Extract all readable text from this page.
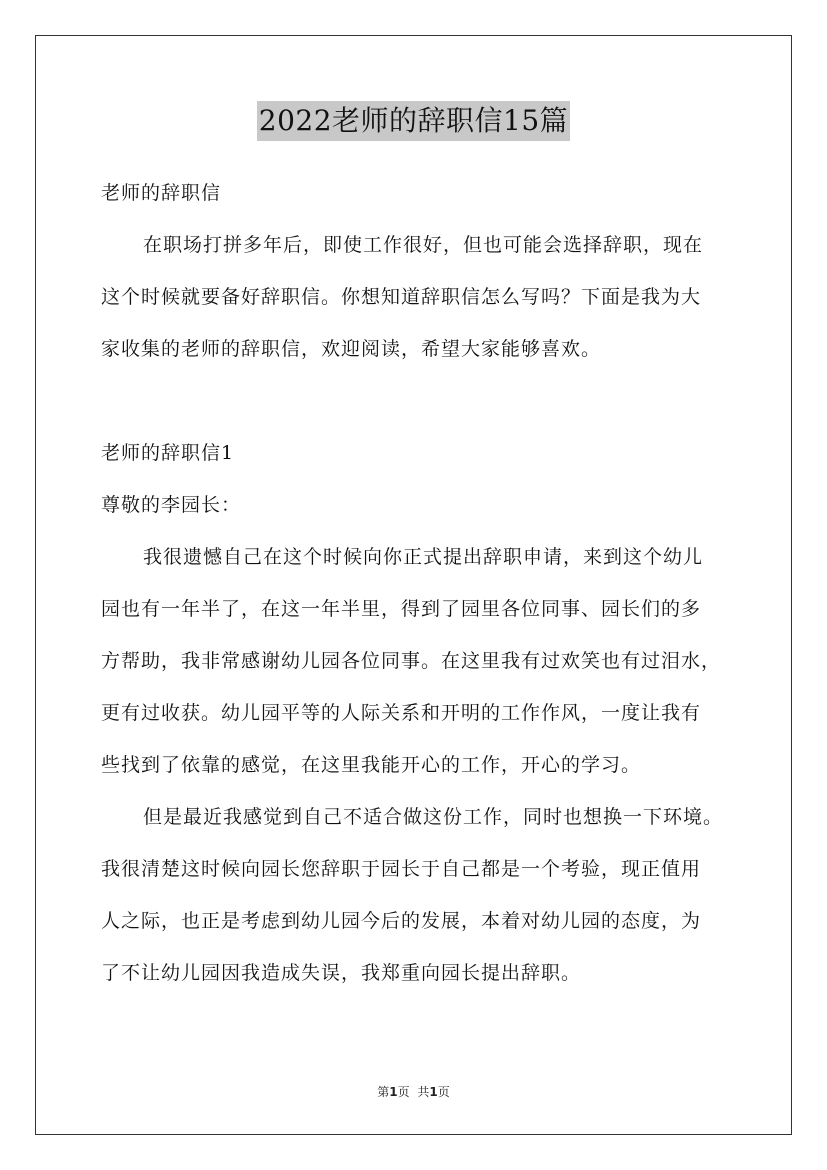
2022老师的辞职信15篇
老师的辞职信
在职场打拼多年后，即使工作很好，但也可能会选择辞职，现在
这个时候就要备好辞职信。你想知道辞职信怎么写吗？下面是我为大
家收集的老师的辞职信，欢迎阅读，希望大家能够喜欢。
老师的辞职信1
尊敬的李园长：
我很遗憾自己在这个时候向你正式提出辞职申请，来到这个幼儿
园也有一年半了，在这一年半里，得到了园里各位同事、园长们的多
方帮助，我非常感谢幼儿园各位同事。在这里我有过欢笑也有过泪水，
更有过收获。幼儿园平等的人际关系和开明的工作作风，一度让我有
些找到了依靠的感觉，在这里我能开心的工作，开心的学习。
但是最近我感觉到自己不适合做这份工作，同时也想换一下环境。
我很清楚这时候向园长您辞职于园长于自己都是一个考验，现正值用
人之际，也正是考虑到幼儿园今后的发展，本着对幼儿园的态度，为
了不让幼儿园因我造成失误，我郑重向园长提出辞职。
第1页 共1页
